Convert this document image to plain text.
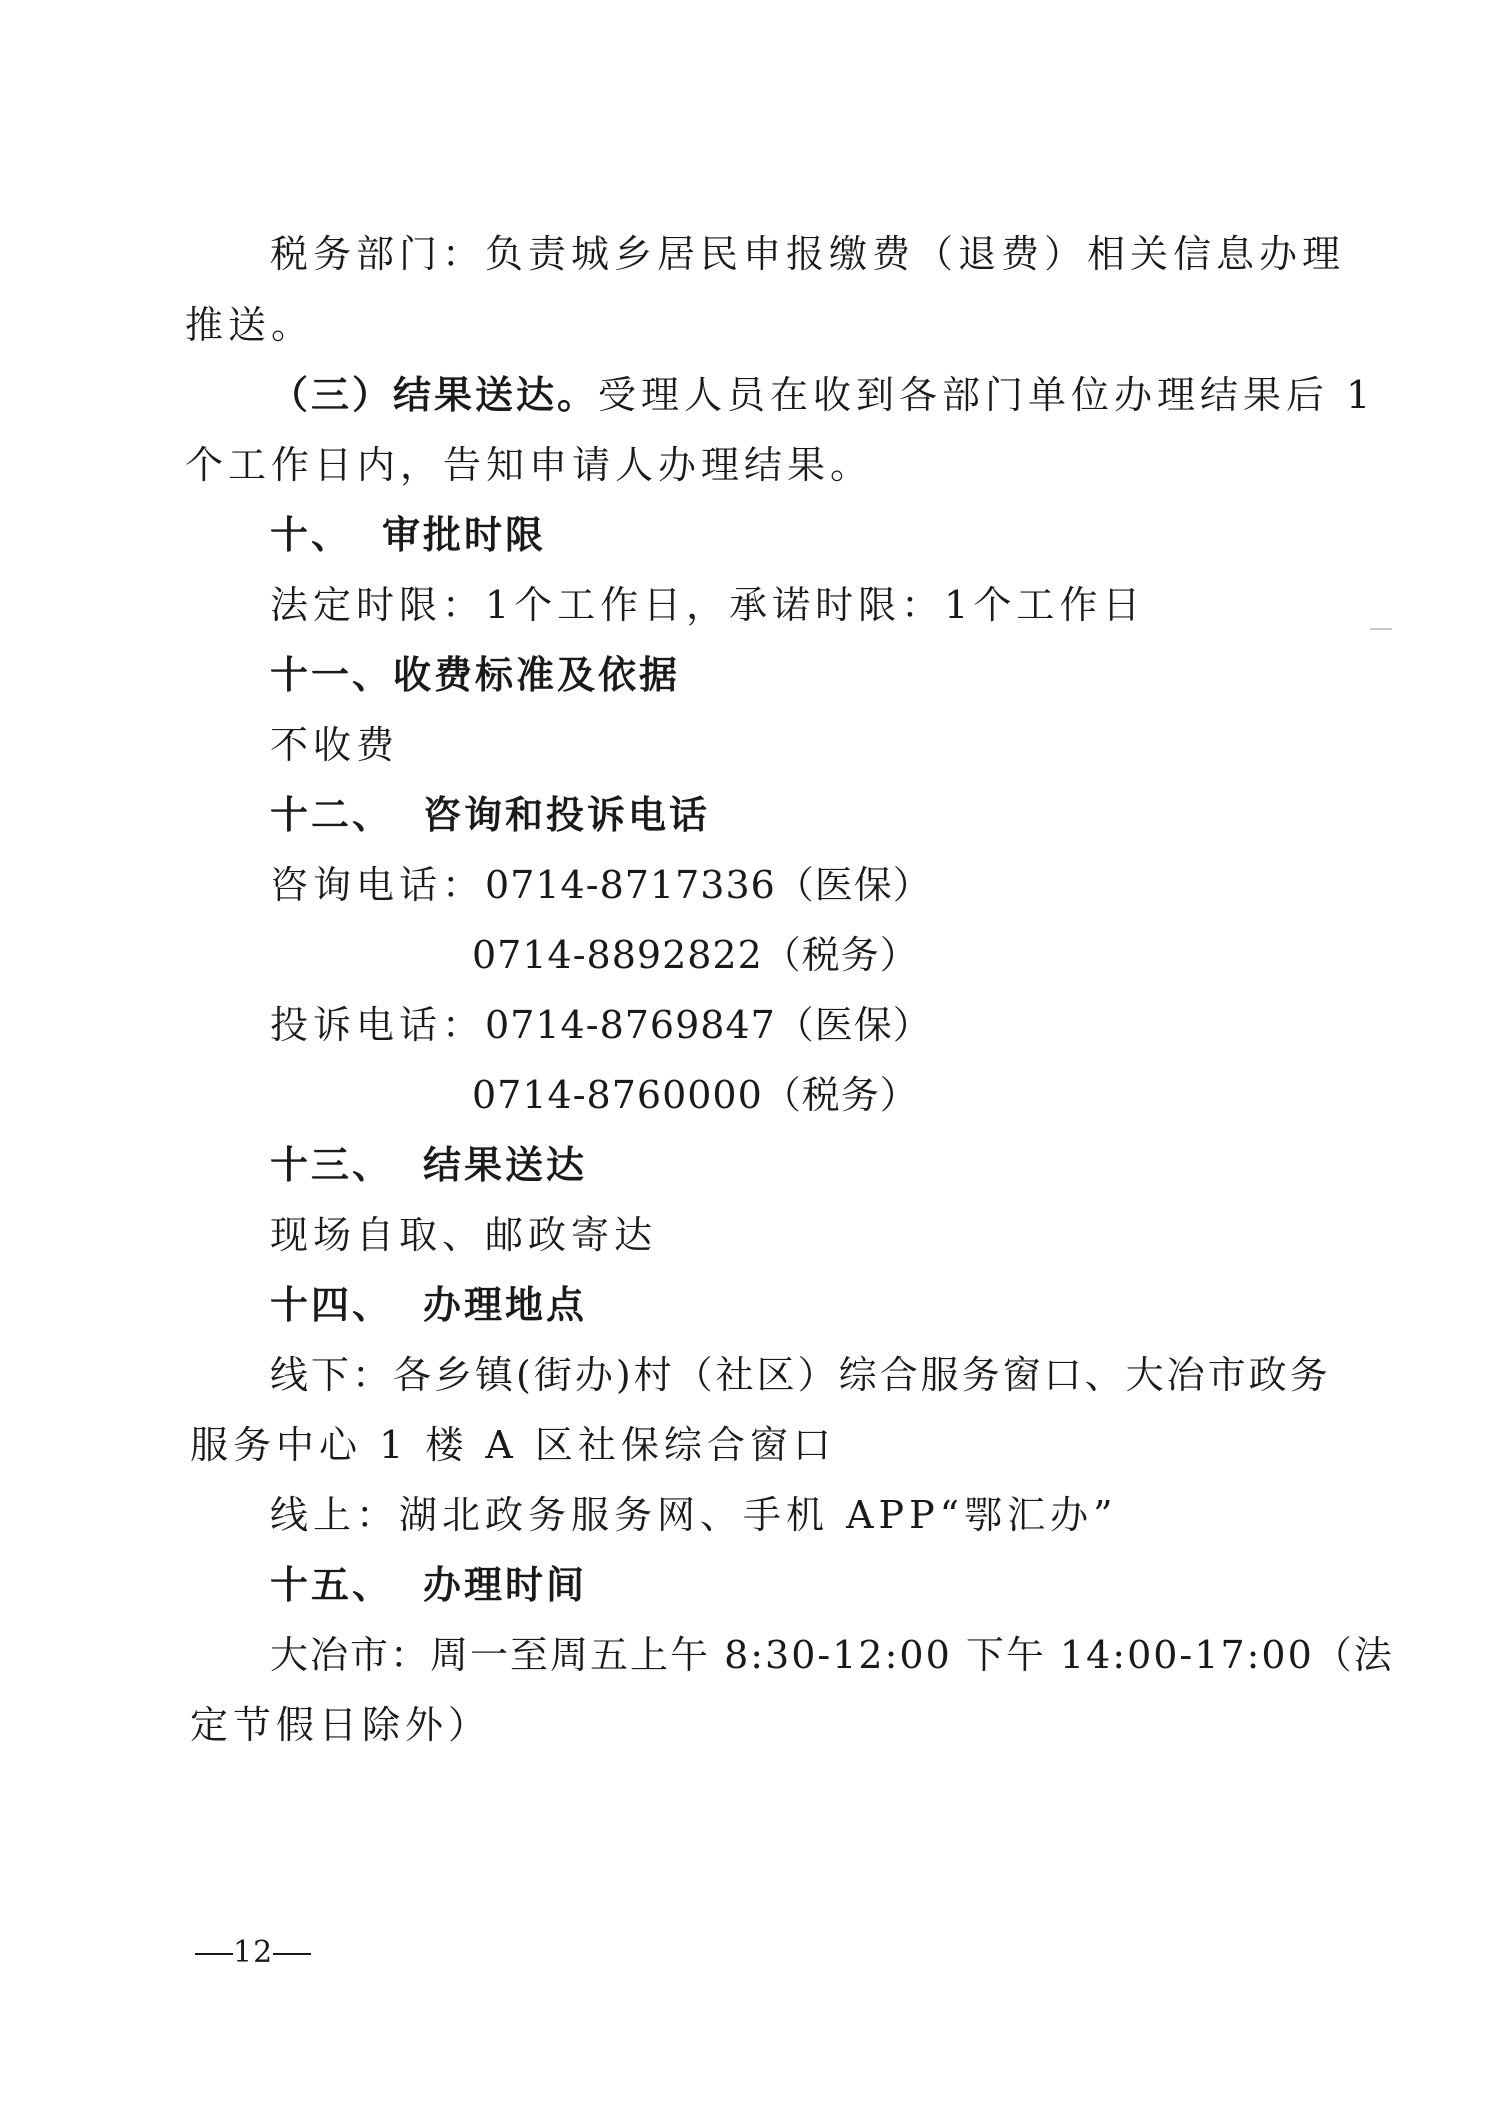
税务部门：负责城乡居民申报缴费（退费）相关信息办理
推送。
（三）结果送达。受理人员在收到各部门单位办理结果后 1
个工作日内，告知申请人办理结果。
十、 审批时限
法定时限：1个工作日，承诺时限：1个工作日
十一、收费标准及依据
不收费
十二、 咨询和投诉电话
咨询电话：0714-8717336（医保）
0714-8892822（税务）
投诉电话：0714-8769847（医保）
0714-8760000（税务）
十三、 结果送达
现场自取、邮政寄达
十四、 办理地点
线下：各乡镇(街办)村（社区）综合服务窗口、大冶市政务
服务中心 1 楼 A 区社保综合窗口
线上：湖北政务服务网、手机 APP“鄂汇办”
十五、 办理时间
大冶市：周一至周五上午 8:30-12:00 下午 14:00-17:00（法
定节假日除外）
12
